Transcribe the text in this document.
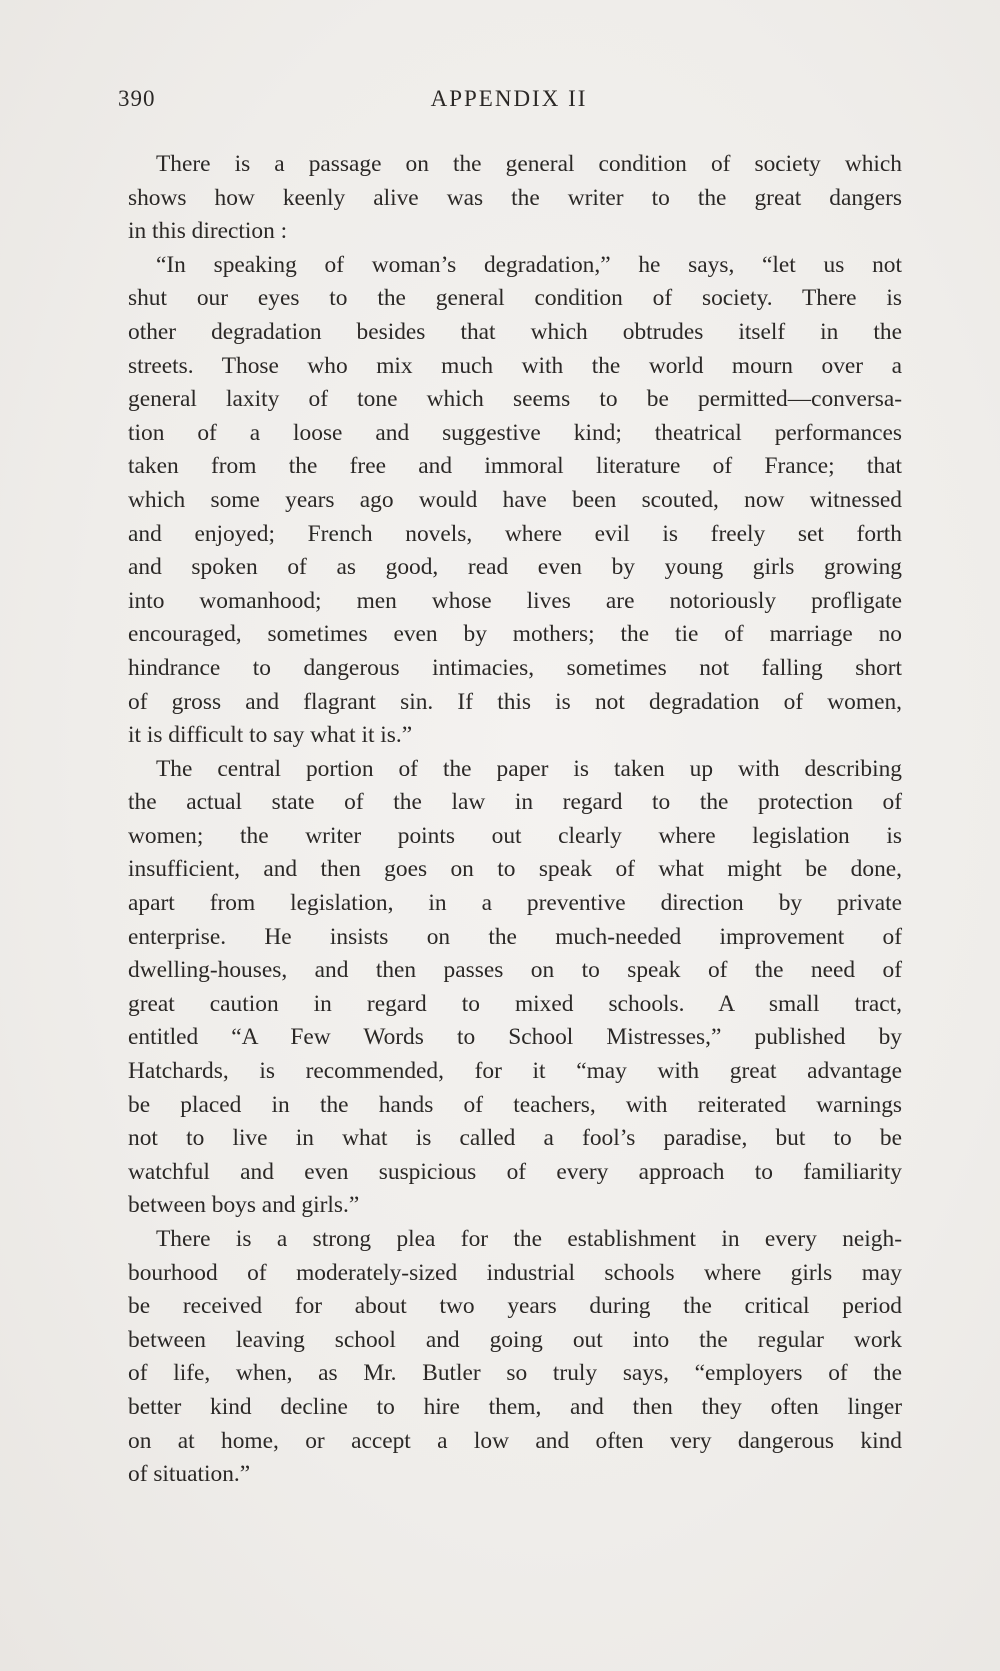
390	APPENDIX II

There is a passage on the general condition of society which
shows how keenly alive was the writer to the great dangers
in this direction :

“In speaking of woman’s degradation,” he says, “let us not
shut our eyes to the general condition of society. There is
other degradation besides that which obtrudes itself in the
streets. Those who mix much with the world mourn over a
general laxity of tone which seems to be permitted—conversa-
tion of a loose and suggestive kind; theatrical performances
taken from the free and immoral literature of France; that
which some years ago would have been scouted, now witnessed
and enjoyed; French novels, where evil is freely set forth
and spoken of as good, read even by young girls growing
into womanhood; men whose lives are notoriously profligate
encouraged, sometimes even by mothers; the tie of marriage no
hindrance to dangerous intimacies, sometimes not falling short
of gross and flagrant sin. If this is not degradation of women,
it is difficult to say what it is.”

The central portion of the paper is taken up with describing
the actual state of the law in regard to the protection of
women; the writer points out clearly where legislation is
insufficient, and then goes on to speak of what might be done,
apart from legislation, in a preventive direction by private
enterprise. He insists on the much-needed improvement of
dwelling-houses, and then passes on to speak of the need of
great caution in regard to mixed schools. A small tract,
entitled “A Few Words to School Mistresses,” published by
Hatchards, is recommended, for it “may with great advantage
be placed in the hands of teachers, with reiterated warnings
not to live in what is called a fool’s paradise, but to be
watchful and even suspicious of every approach to familiarity
between boys and girls.”

There is a strong plea for the establishment in every neigh-
bourhood of moderately-sized industrial schools where girls may
be received for about two years during the critical period
between leaving school and going out into the regular work
of life, when, as Mr. Butler so truly says, “employers of the
better kind decline to hire them, and then they often linger
on at home, or accept a low and often very dangerous kind
of situation.”
